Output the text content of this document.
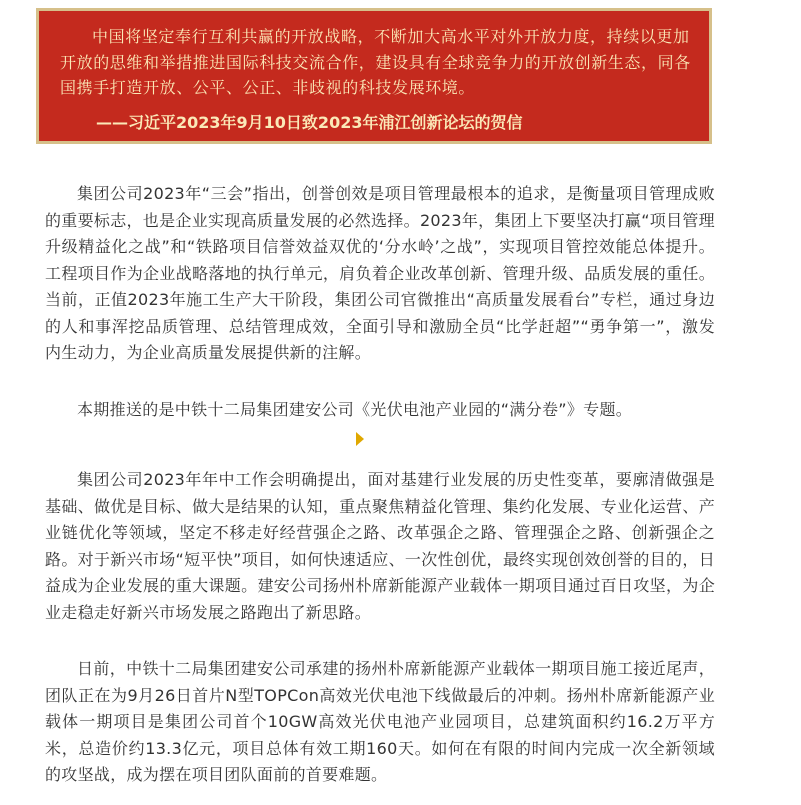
中国将坚定奉行互利共赢的开放战略，不断加大高水平对外开放力度，持续以更加开放的思维和举措推进国际科技交流合作，建设具有全球竞争力的开放创新生态，同各国携手打造开放、公平、公正、非歧视的科技发展环境。

——习近平2023年9月10日致2023年浦江创新论坛的贺信

集团公司2023年“三会”指出，创誉创效是项目管理最根本的追求，是衡量项目管理成败的重要标志，也是企业实现高质量发展的必然选择。2023年，集团上下要坚决打赢“项目管理升级精益化之战”和“铁路项目信誉效益双优的‘分水岭’之战”，实现项目管控效能总体提升。工程项目作为企业战略落地的执行单元，肩负着企业改革创新、管理升级、品质发展的重任。当前，正值2023年施工生产大干阶段，集团公司官微推出“高质量发展看台”专栏，通过身边的人和事浑挖品质管理、总结管理成效，全面引导和激励全员“比学赶超”“勇争第一”，激发内生动力，为企业高质量发展提供新的注解。

本期推送的是中铁十二局集团建安公司《光伏电池产业园的“满分卷”》专题。

集团公司2023年年中工作会明确提出，面对基建行业发展的历史性变革，要廓清做强是基础、做优是目标、做大是结果的认知，重点聚焦精益化管理、集约化发展、专业化运营、产业链优化等领域，坚定不移走好经营强企之路、改革强企之路、管理强企之路、创新强企之路。对于新兴市场“短平快”项目，如何快速适应、一次性创优，最终实现创效创誉的目的，日益成为企业发展的重大课题。建安公司扬州朴席新能源产业载体一期项目通过百日攻坚，为企业走稳走好新兴市场发展之路跑出了新思路。

日前，中铁十二局集团建安公司承建的扬州朴席新能源产业载体一期项目施工接近尾声，团队正在为9月26日首片N型TOPCon高效光伏电池下线做最后的冲刺。扬州朴席新能源产业载体一期项目是集团公司首个10GW高效光伏电池产业园项目，总建筑面积约16.2万平方米，总造价约13.3亿元，项目总体有效工期160天。如何在有限的时间内完成一次全新领域的攻坚战，成为摆在项目团队面前的首要难题。
